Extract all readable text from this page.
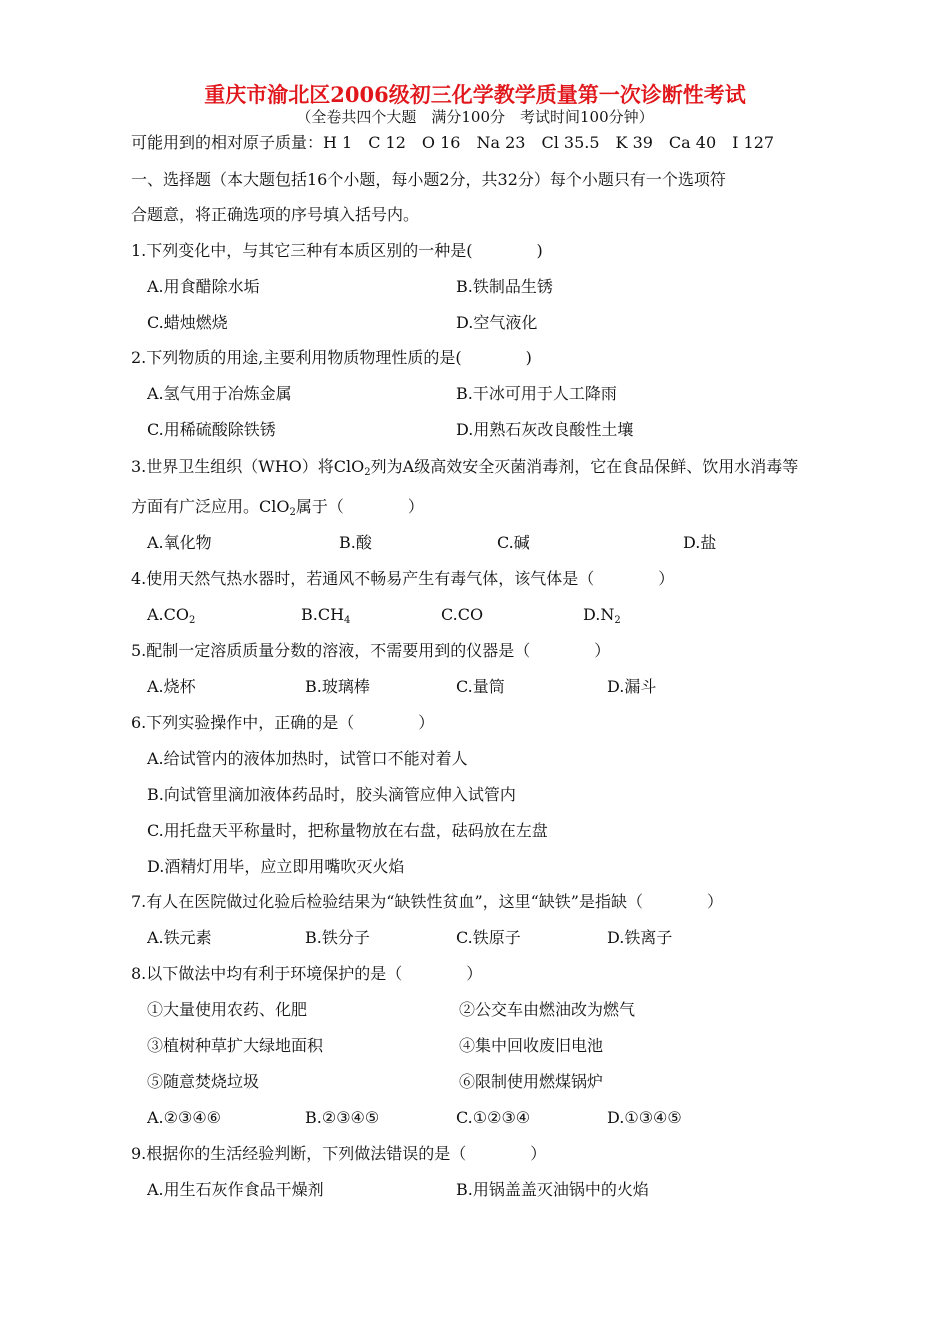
重庆市渝北区2006级初三化学教学质量第一次诊断性考试
（全卷共四个大题　满分100分　考试时间100分钟）
可能用到的相对原子质量：H 1　C 12　O 16　Na 23　Cl 35.5　K 39　Ca 40　I 127
一、选择题（本大题包括16个小题，每小题2分，共32分）每个小题只有一个选项符
合题意，将正确选项的序号填入括号内。
1.下列变化中，与其它三种有本质区别的一种是(　　　　)
A.用食醋除水垢	B.铁制品生锈
C.蜡烛燃烧	D.空气液化
2.下列物质的用途,主要利用物质物理性质的是(　　　　)
A.氢气用于冶炼金属	B.干冰可用于人工降雨
C.用稀硫酸除铁锈	D.用熟石灰改良酸性土壤
3.世界卫生组织（WHO）将ClO$_2$列为A级高效安全灭菌消毒剂，它在食品保鲜、饮用水消毒等
方面有广泛应用。ClO$_2$属于（　　　　）
A.氧化物	B.酸	C.碱	D.盐
4.使用天然气热水器时，若通风不畅易产生有毒气体，该气体是（　　　　）
$A.CO_2$	$B.CH_4$	C.CO	$D.N_2$
5.配制一定溶质质量分数的溶液，不需要用到的仪器是（　　　　）
A.烧杯	B.玻璃棒	C.量筒	D.漏斗
6.下列实验操作中，正确的是（　　　　）
A.给试管内的液体加热时，试管口不能对着人
B.向试管里滴加液体药品时，胶头滴管应伸入试管内
C.用托盘天平称量时，把称量物放在右盘，砝码放在左盘
D.酒精灯用毕，应立即用嘴吹灭火焰
7.有人在医院做过化验后检验结果为“缺铁性贫血”，这里“缺铁”是指缺（　　　　）
A.铁元素	B.铁分子	C.铁原子	D.铁离子
8.以下做法中均有利于环境保护的是（　　　　）
①大量使用农药、化肥	②公交车由燃油改为燃气
③植树种草扩大绿地面积	④集中回收废旧电池
⑤随意焚烧垃圾	⑥限制使用燃煤锅炉
A.②③④⑥	B.②③④⑤	C.①②③④	D.①③④⑤
9.根据你的生活经验判断，下列做法错误的是（　　　　）
A.用生石灰作食品干燥剂	B.用锅盖盖灭油锅中的火焰
